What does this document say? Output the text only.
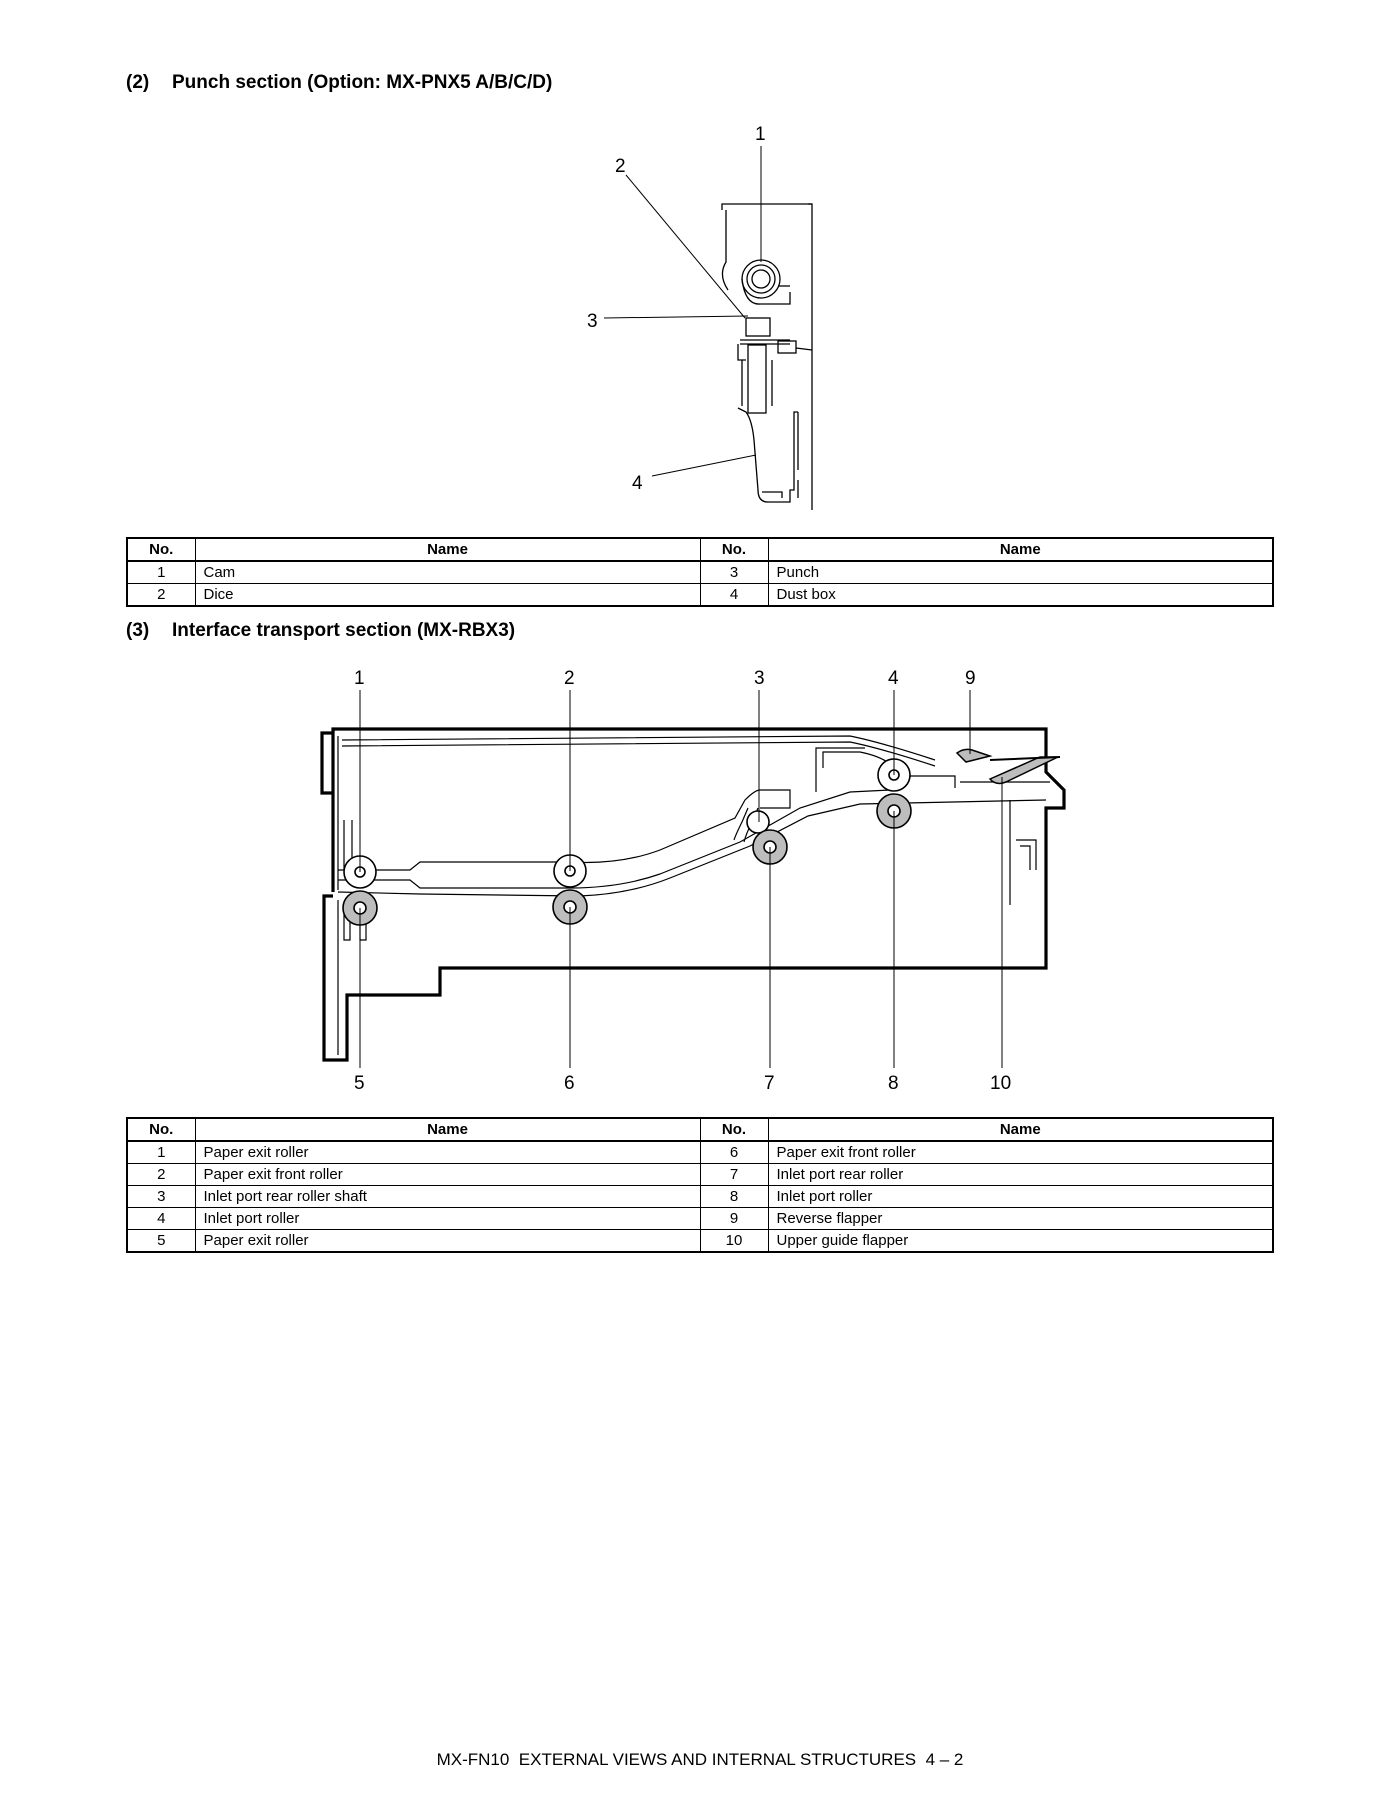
(2) Punch section (Option: MX-PNX5 A/B/C/D)
1
2
3
4
No.	Name	No.	Name
1	Cam	3	Punch
2	Dice	4	Dust box
(3) Interface transport section (MX-RBX3)
1	2	3	4	9
5	6	7	8	10
No.	Name	No.	Name
1	Paper exit roller	6	Paper exit front roller
2	Paper exit front roller	7	Inlet port rear roller
3	Inlet port rear roller shaft	8	Inlet port roller
4	Inlet port roller	9	Reverse flapper
5	Paper exit roller	10	Upper guide flapper
MX-FN10  EXTERNAL VIEWS AND INTERNAL STRUCTURES  4 – 2
